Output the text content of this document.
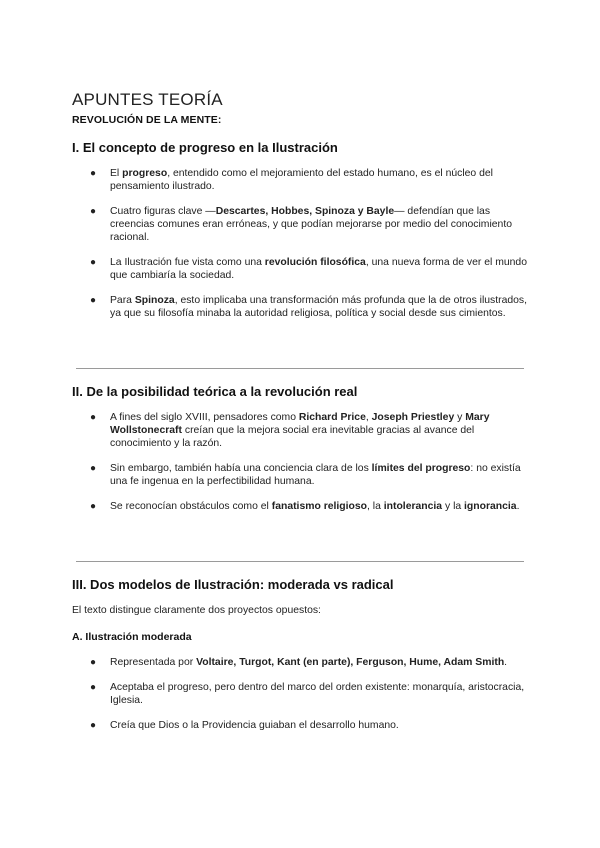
APUNTES TEORÍA
REVOLUCIÓN DE LA MENTE:
I. El concepto de progreso en la Ilustración
● El progreso, entendido como el mejoramiento del estado humano, es el núcleo del pensamiento ilustrado.
● Cuatro figuras clave —Descartes, Hobbes, Spinoza y Bayle— defendían que las creencias comunes eran erróneas, y que podían mejorarse por medio del conocimiento racional.
● La Ilustración fue vista como una revolución filosófica, una nueva forma de ver el mundo que cambiaría la sociedad.
● Para Spinoza, esto implicaba una transformación más profunda que la de otros ilustrados, ya que su filosofía minaba la autoridad religiosa, política y social desde sus cimientos.
II. De la posibilidad teórica a la revolución real
● A fines del siglo XVIII, pensadores como Richard Price, Joseph Priestley y Mary Wollstonecraft creían que la mejora social era inevitable gracias al avance del conocimiento y la razón.
● Sin embargo, también había una conciencia clara de los límites del progreso: no existía una fe ingenua en la perfectibilidad humana.
● Se reconocían obstáculos como el fanatismo religioso, la intolerancia y la ignorancia.
III. Dos modelos de Ilustración: moderada vs radical

El texto distingue claramente dos proyectos opuestos:

A. Ilustración moderada

● Representada por Voltaire, Turgot, Kant (en parte), Ferguson, Hume, Adam Smith.
● Aceptaba el progreso, pero dentro del marco del orden existente: monarquía, aristocracia, Iglesia.
● Creía que Dios o la Providencia guiaban el desarrollo humano.
